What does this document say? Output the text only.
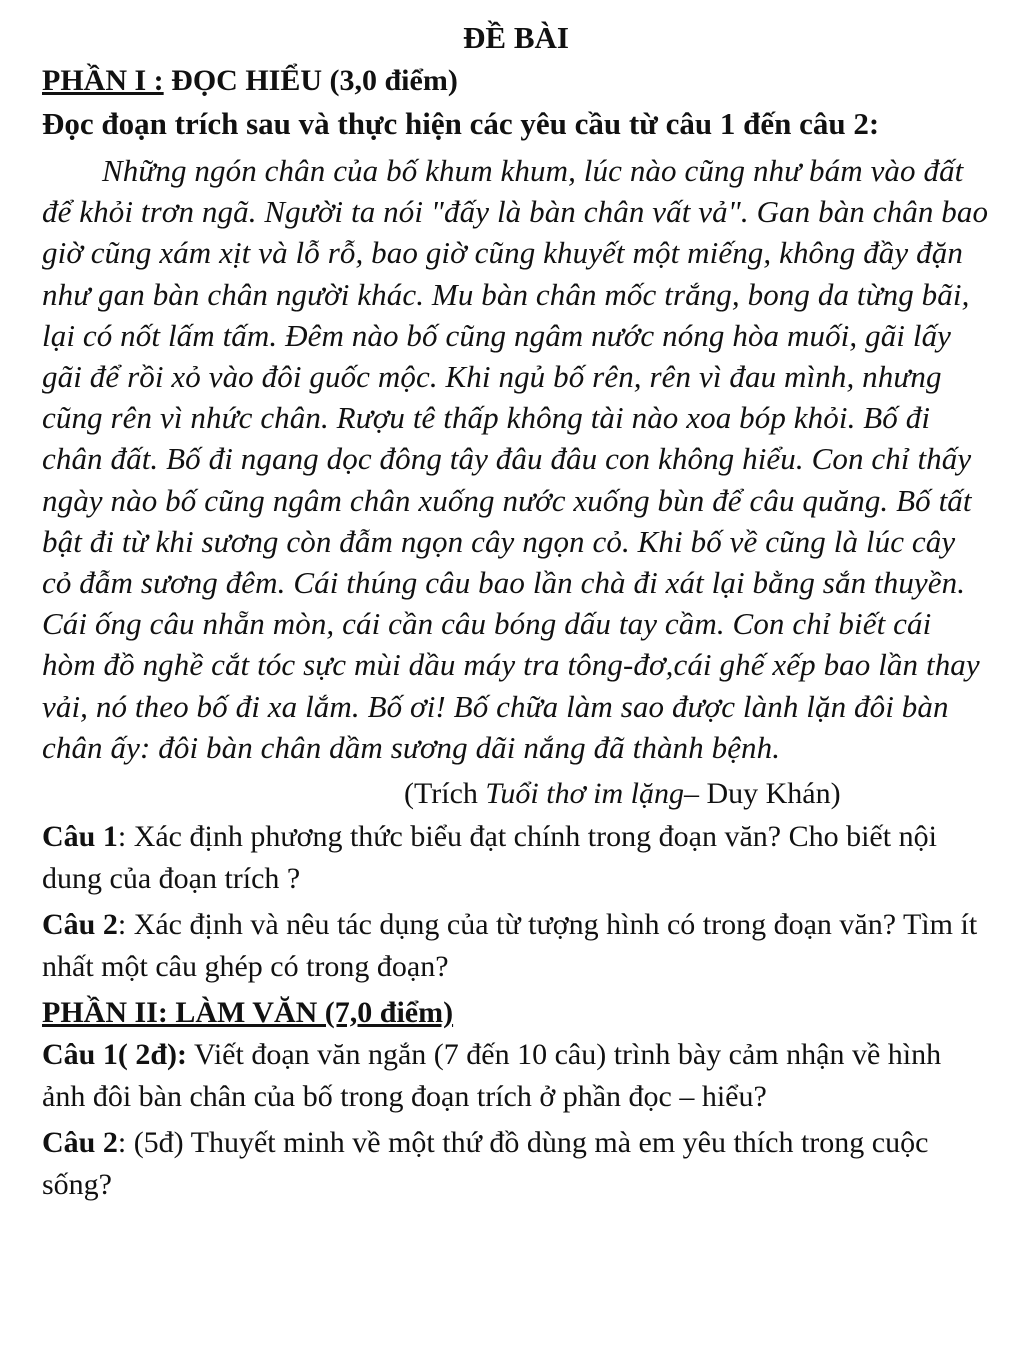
ĐỀ BÀI
PHẦN I : ĐỌC HIỂU (3,0 điểm)

Đọc đoạn trích sau và thực hiện các yêu cầu từ câu 1 đến câu 2:

Những ngón chân của bố khum khum, lúc nào cũng như bám vào đất để khỏi trơn ngã. Người ta nói "đấy là bàn chân vất vả". Gan bàn chân bao giờ cũng xám xịt và lỗ rỗ, bao giờ cũng khuyết một miếng, không đầy đặn như gan bàn chân người khác. Mu bàn chân mốc trắng, bong da từng bãi, lại có nốt lấm tấm. Đêm nào bố cũng ngâm nước nóng hòa muối, gãi lấy gãi để rồi xỏ vào đôi guốc mộc. Khi ngủ bố rên, rên vì đau mình, nhưng cũng rên vì nhức chân. Rượu tê thấp không tài nào xoa bóp khỏi. Bố đi chân đất. Bố đi ngang dọc đông tây đâu đâu con không hiểu. Con chỉ thấy ngày nào bố cũng ngâm chân xuống nước xuống bùn để câu quăng. Bố tất bật đi từ khi sương còn đẫm ngọn cây ngọn cỏ. Khi bố về cũng là lúc cây cỏ đẫm sương đêm. Cái thúng câu bao lần chà đi xát lại bằng sắn thuyền. Cái ống câu nhẵn mòn, cái cần câu bóng dấu tay cầm. Con chỉ biết cái hòm đồ nghề cắt tóc sực mùi dầu máy tra tông-đơ,cái ghế xếp bao lần thay vải, nó theo bố đi xa lắm. Bố ơi! Bố chữa làm sao được lành lặn đôi bàn chân ấy: đôi bàn chân dầm sương dãi nắng đã thành bệnh.

(Trích Tuổi thơ im lặng– Duy Khán)

Câu 1: Xác định phương thức biểu đạt chính trong đoạn văn? Cho biết nội dung của đoạn trích ?

Câu 2: Xác định và nêu tác dụng của từ tượng hình có trong đoạn văn? Tìm ít nhất một câu ghép có trong đoạn?

PHẦN II: LÀM VĂN (7,0 điểm)

Câu 1( 2đ): Viết đoạn văn ngắn (7 đến 10 câu) trình bày cảm nhận về hình ảnh đôi bàn chân của bố trong đoạn trích ở phần đọc – hiểu?

Câu 2: (5đ) Thuyết minh về một thứ đồ dùng mà em yêu thích trong cuộc sống?
